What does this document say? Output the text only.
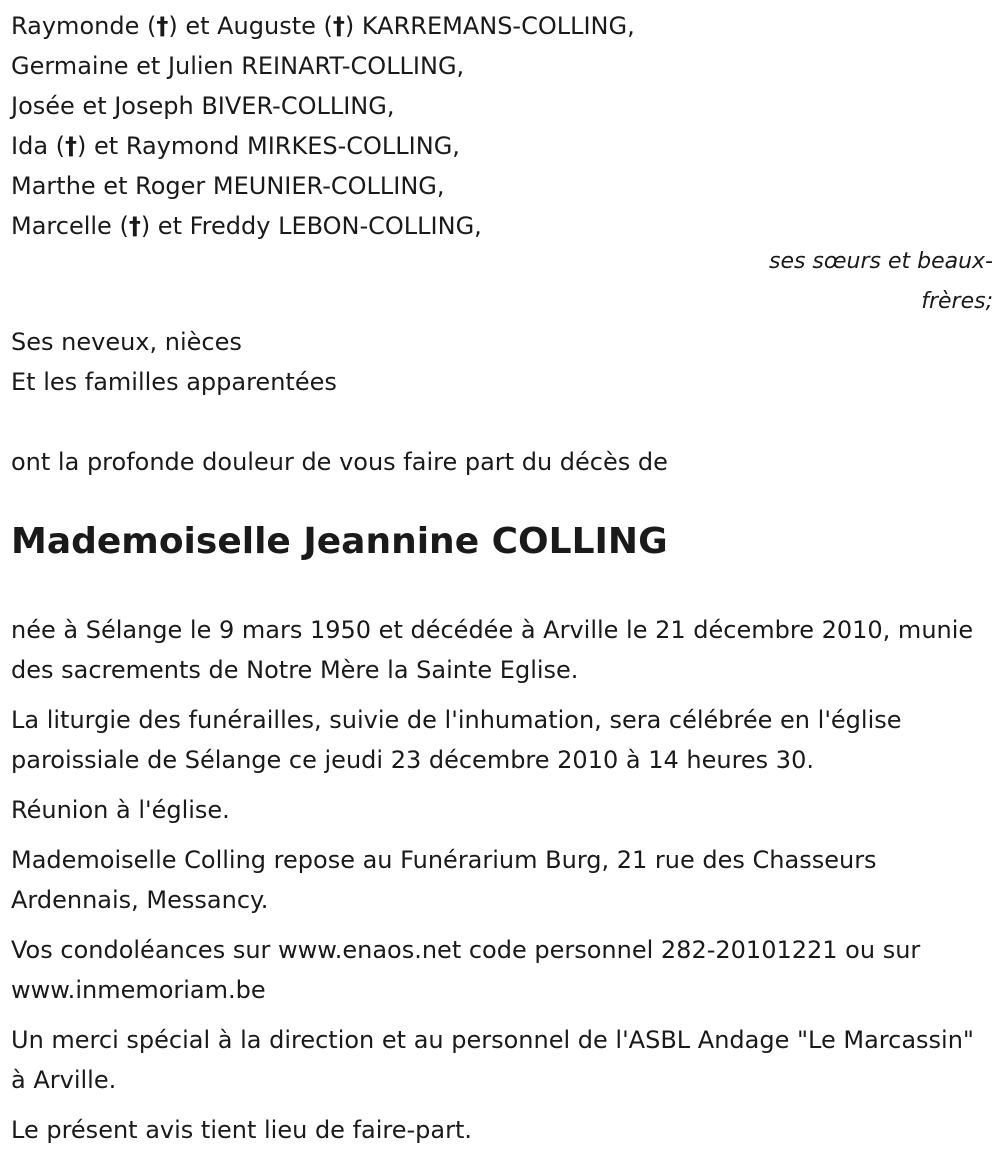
Raymonde (†) et Auguste (†) KARREMANS-COLLING,
Germaine et Julien REINART-COLLING,
Josée et Joseph BIVER-COLLING,
Ida (†) et Raymond MIRKES-COLLING,
Marthe et Roger MEUNIER-COLLING,
Marcelle (†) et Freddy LEBON-COLLING,
ses sœurs et beaux-frères;
Ses neveux, nièces
Et les familles apparentées
ont la profonde douleur de vous faire part du décès de
Mademoiselle Jeannine COLLING

née à Sélange le 9 mars 1950 et décédée à Arville le 21 décembre 2010, munie des sacrements de Notre Mère la Sainte Eglise.

La liturgie des funérailles, suivie de l'inhumation, sera célébrée en l'église paroissiale de Sélange ce jeudi 23 décembre 2010 à 14 heures 30.

Réunion à l'église.

Mademoiselle Colling repose au Funérarium Burg, 21 rue des Chasseurs Ardennais, Messancy.

Vos condoléances sur www.enaos.net code personnel 282-20101221 ou sur www.inmemoriam.be

Un merci spécial à la direction et au personnel de l'ASBL Andage "Le Marcassin" à Arville.

Le présent avis tient lieu de faire-part.
